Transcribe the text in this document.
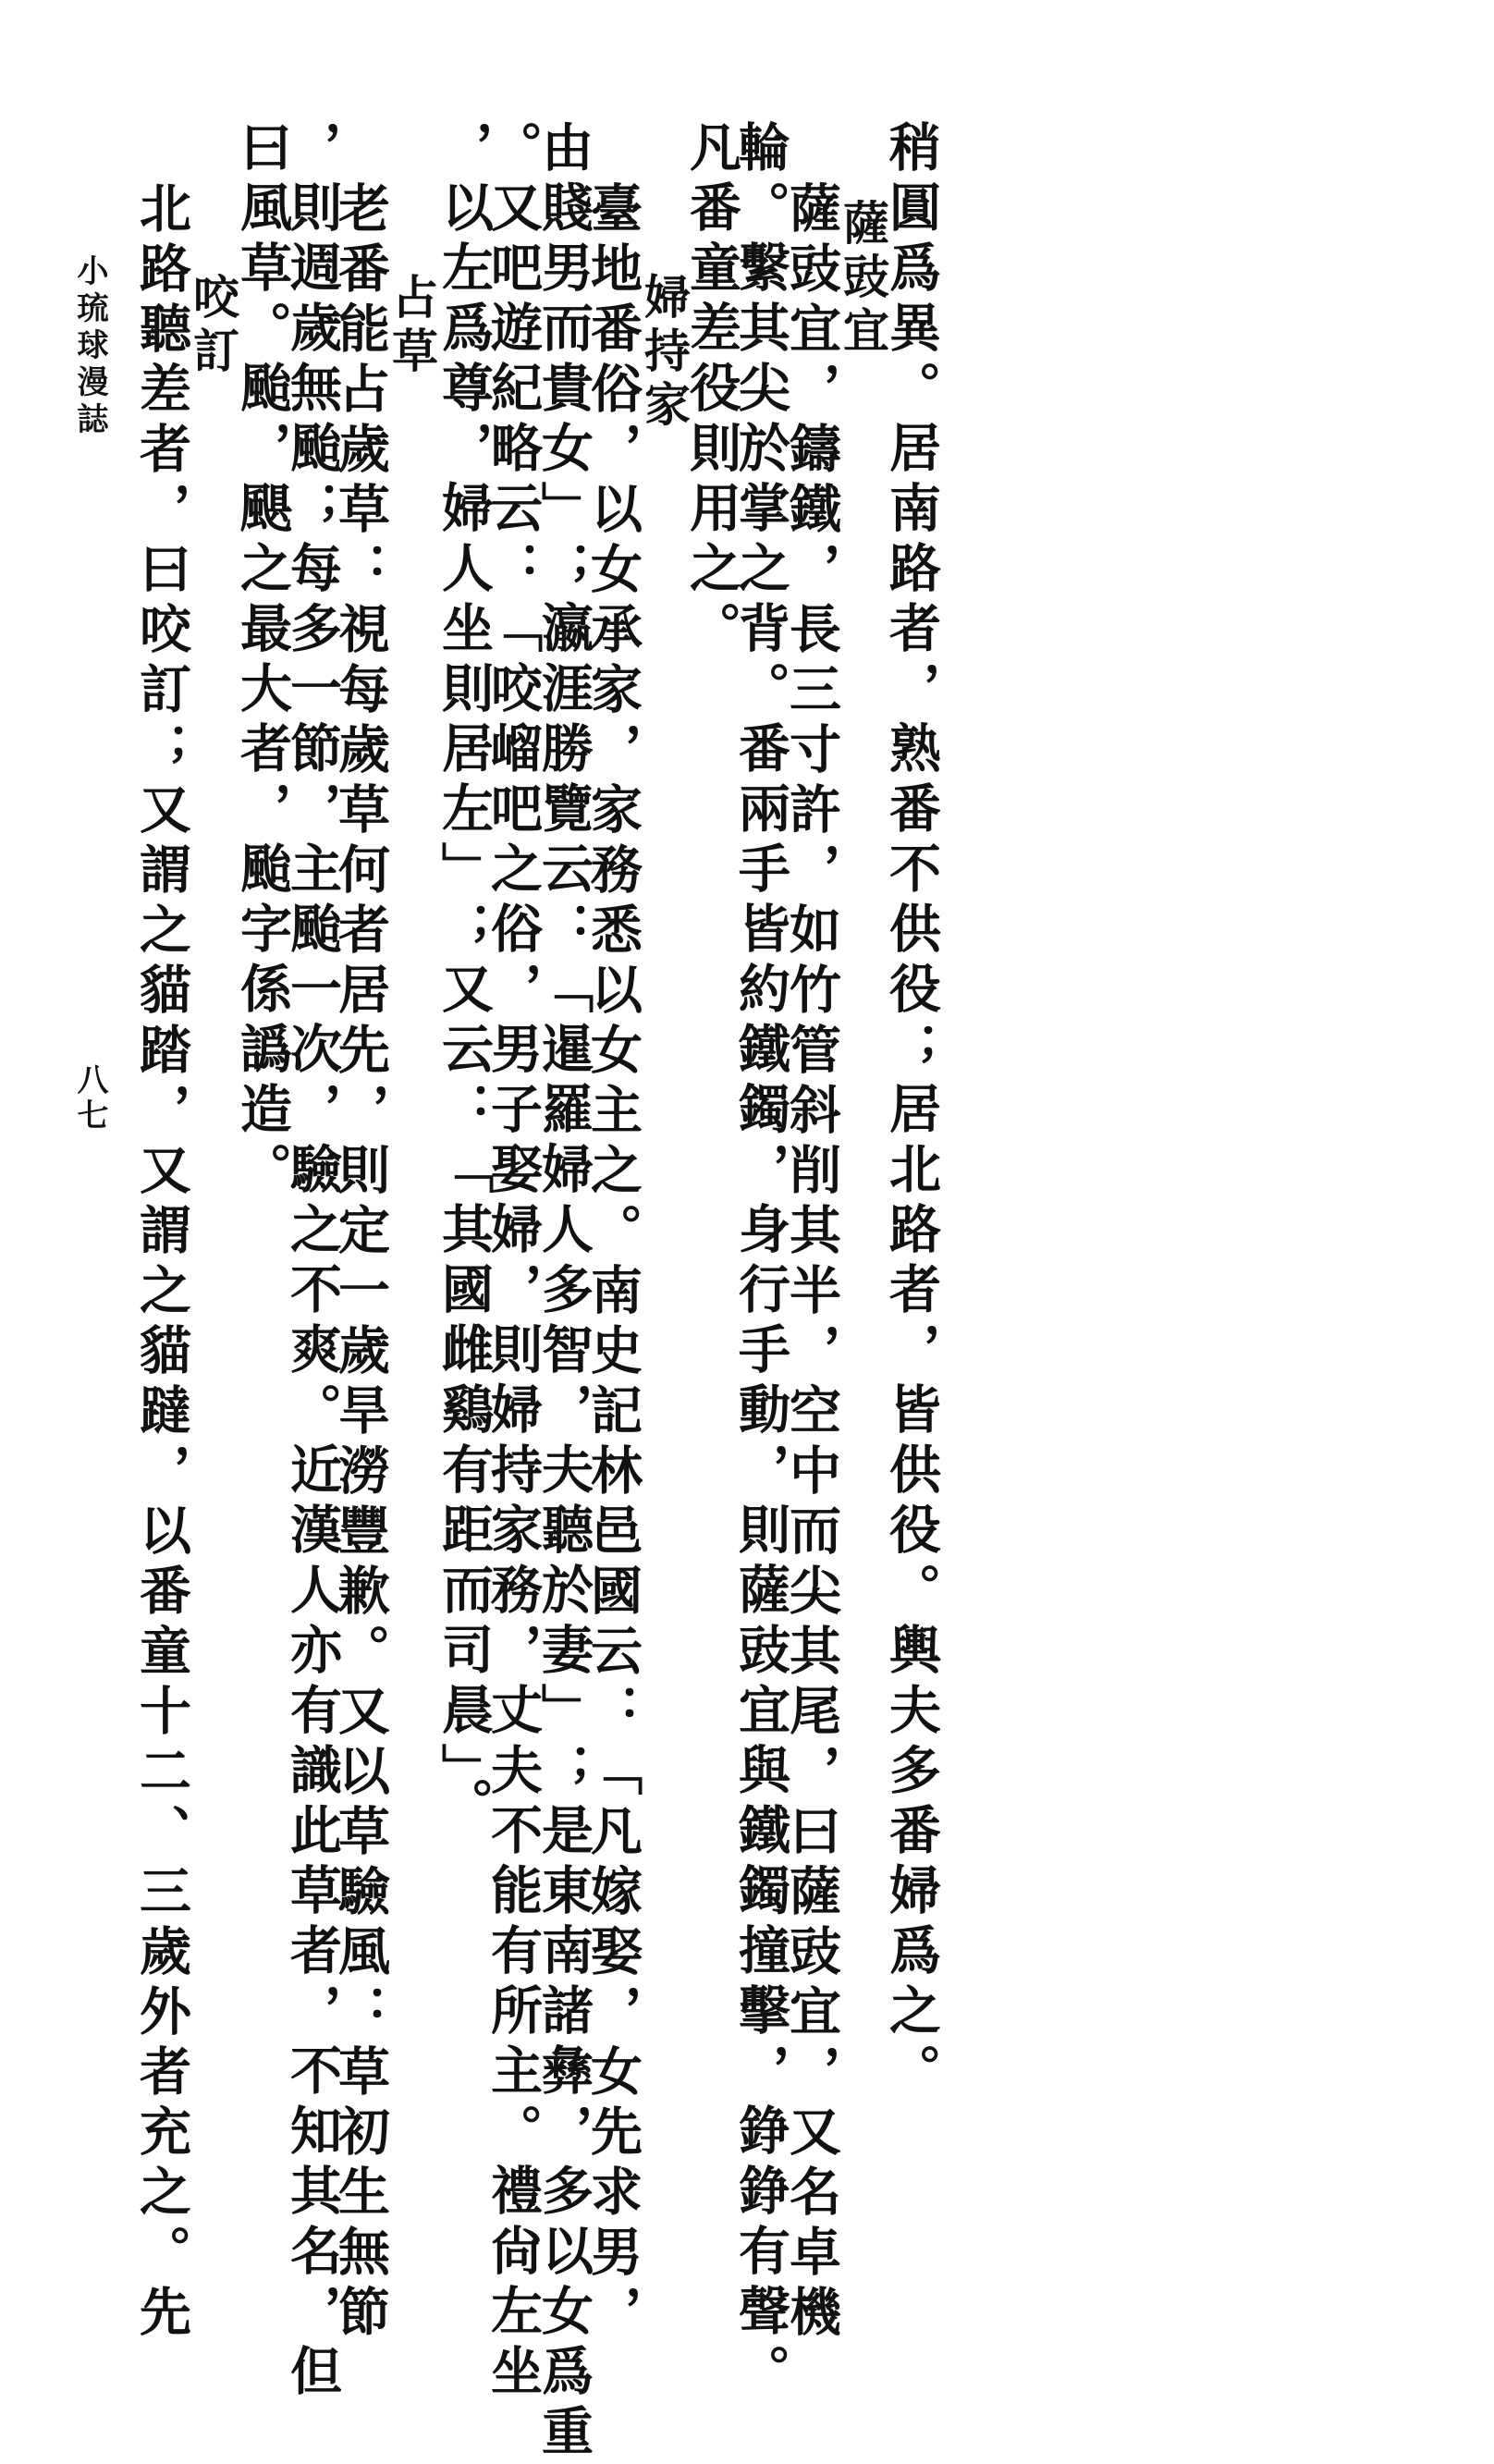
稍圓爲異。居南路者，熟番不供役；居北路者，皆供役。輿夫多番婦爲之。
薩豉宜
薩豉宜，鑄鐵，長三寸許，如竹管斜削其半，空中而尖其尾，曰薩豉宜，又名卓機
輪。繫其尖於掌之背。番兩手皆約鐵鐲，身行手動，則薩豉宜與鐵鐲撞擊，錚錚有聲。
凡番童差役則用之。
婦持家
臺地番俗，以女承家，家務悉以女主之。南史記林邑國云：「凡嫁娶，女先求男，
由賤男而貴女」；瀛涯勝覽云：「暹羅婦人多智，夫聽於妻」；是東南諸彝，多以女爲重
。又吧遊紀略云：「咬嵧吧之俗，男子娶婦，則婦持家務，丈夫不能有所主。禮尙左坐
，以左爲尊，婦人坐則居左」；又云：「其國雌鷄有距而司晨」。
占草
老番能占歲草：視每歲草何者居先，則定一歲旱澇豐歉。又以草驗風：草初生無節
，則週歲無颱；每多一節，主颱一次，驗之不爽。近漢人亦有識此草者，不知其名，但
曰風草。颱，颶之最大者，颱字係譌造。
咬訂
北路聽差者，曰咬訂；又謂之貓踏，又謂之貓躂，以番童十二、三歲外者充之。先
小琉球漫誌
八七
